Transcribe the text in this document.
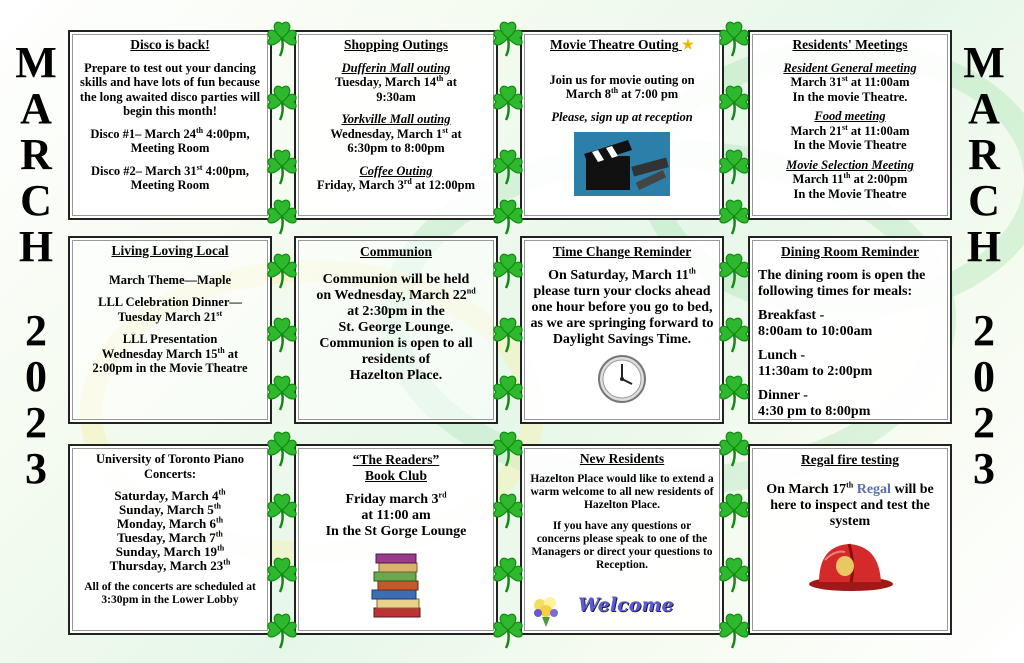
M
A
R
C
H
2
0
2
3
M
A
R
C
H
2
0
2
3
Disco is back!

Prepare to test out your dancing skills and have lots of fun because the long awaited disco parties will begin this month!

Disco #1– March 24th 4:00pm,
Meeting Room

Disco #2– March 31st 4:00pm,
Meeting Room

Shopping Outings

Dufferin Mall outing
Tuesday, March 14th at
9:30am

Yorkville Mall outing
Wednesday, March 1st at
6:30pm to 8:00pm

Coffee Outing
Friday, March 3rd at 12:00pm

Movie Theatre Outing ★

Join us for movie outing on
March 8th at 7:00 pm

Please, sign up at reception

Residents' Meetings

Resident General meeting
March 31st at 11:00am
In the movie Theatre.

Food meeting
March 21st at 11:00am
In the Movie Theatre

Movie Selection Meeting
March 11th at 2:00pm
In the Movie Theatre

Living Loving Local

March Theme—Maple

LLL Celebration Dinner—
Tuesday March 21st

LLL Presentation
Wednesday March 15th at
2:00pm in the Movie Theatre

Communion

Communion will be held
on Wednesday, March 22nd
at 2:30pm in the
St. George Lounge.
Communion is open to all
residents of
Hazelton Place.

Time Change Reminder

On Saturday, March 11th
please turn your clocks ahead one hour before you go to bed, as we are springing forward to Daylight Savings Time.

Dining Room Reminder

The dining room is open the following times for meals:

Breakfast -
8:00am to 10:00am

Lunch -
11:30am to 2:00pm

Dinner -
4:30 pm to 8:00pm

University of Toronto Piano Concerts:

Saturday, March 4th
Sunday, March 5th
Monday, March 6th
Tuesday, March 7th
Sunday, March 19th
Thursday, March 23th

All of the concerts are scheduled at 3:30pm in the Lower Lobby

“The Readers”
Book Club

Friday march 3rd
at 11:00 am
In the St Gorge Lounge

New Residents

Hazelton Place would like to extend a warm welcome to all new residents of Hazelton Place.

If you have any questions or concerns please speak to one of the Managers or direct your questions to Reception.

Welcome
Regal fire testing

On March 17th Regal will be here to inspect and test the system
